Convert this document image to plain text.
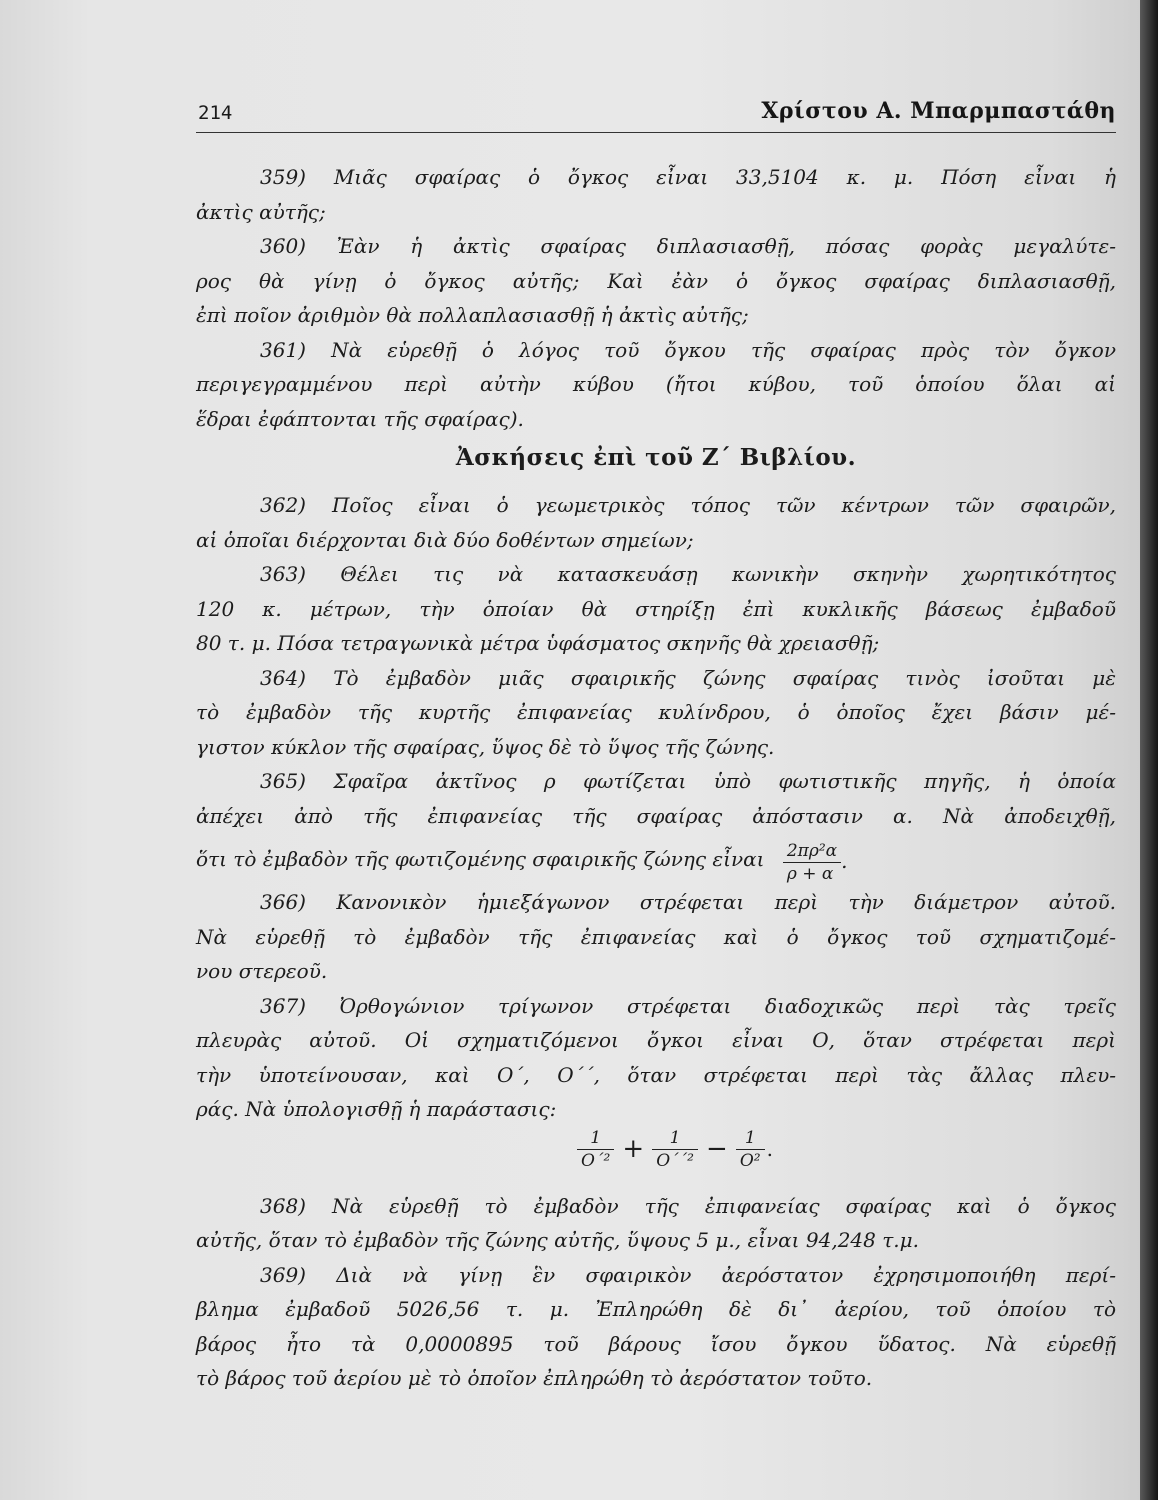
214	Χρίστου Α. Μπαρμπαστάθη
359) Μιᾶς σφαίρας ὁ ὄγκος εἶναι 33,5104 κ. μ. Πόση εἶναι ἡ
ἀκτὶς αὐτῆς;
360) Ἐὰν ἡ ἀκτὶς σφαίρας διπλασιασθῇ, πόσας φορὰς μεγαλύτε-
ρος θὰ γίνῃ ὁ ὄγκος αὐτῆς; Καὶ ἐὰν ὁ ὄγκος σφαίρας διπλασιασθῇ,
ἐπὶ ποῖον ἀριθμὸν θὰ πολλαπλασιασθῇ ἡ ἀκτὶς αὐτῆς;
361) Νὰ εὑρεθῇ ὁ λόγος τοῦ ὄγκου τῆς σφαίρας πρὸς τὸν ὄγκον
περιγεγραμμένου περὶ αὐτὴν κύβου (ἤτοι κύβου, τοῦ ὁποίου ὅλαι αἱ
ἕδραι ἐφάπτονται τῆς σφαίρας).
Ἀσκήσεις ἐπὶ τοῦ Ζ΄ Βιβλίου.
362) Ποῖος εἶναι ὁ γεωμετρικὸς τόπος τῶν κέντρων τῶν σφαιρῶν,
αἱ ὁποῖαι διέρχονται διὰ δύο δοθέντων σημείων;
363) Θέλει τις νὰ κατασκευάσῃ κωνικὴν σκηνὴν χωρητικότητος
120 κ. μέτρων, τὴν ὁποίαν θὰ στηρίξῃ ἐπὶ κυκλικῆς βάσεως ἐμβαδοῦ
80 τ. μ. Πόσα τετραγωνικὰ μέτρα ὑφάσματος σκηνῆς θὰ χρειασθῇ;
364) Τὸ ἐμβαδὸν μιᾶς σφαιρικῆς ζώνης σφαίρας τινὸς ἰσοῦται μὲ
τὸ ἐμβαδὸν τῆς κυρτῆς ἐπιφανείας κυλίνδρου, ὁ ὁποῖος ἔχει βάσιν μέ-
γιστον κύκλον τῆς σφαίρας, ὕψος δὲ τὸ ὕψος τῆς ζώνης.
365) Σφαῖρα ἀκτῖνος ρ φωτίζεται ὑπὸ φωτιστικῆς πηγῆς, ἡ ὁποία
ἀπέχει ἀπὸ τῆς ἐπιφανείας τῆς σφαίρας ἀπόστασιν α. Νὰ ἀποδειχθῇ,
ὅτι τὸ ἐμβαδὸν τῆς φωτιζομένης σφαιρικῆς ζώνης εἶναι $\frac{\text{2πρ²α}}{\rho + \alpha}$ .
366) Κανονικὸν ἡμιεξάγωνον στρέφεται περὶ τὴν διάμετρον αὐτοῦ.
Νὰ εὑρεθῇ τὸ ἐμβαδὸν τῆς ἐπιφανείας καὶ ὁ ὄγκος τοῦ σχηματιζομέ-
νου στερεοῦ.
367) Ὀρθογώνιον τρίγωνον στρέφεται διαδοχικῶς περὶ τὰς τρεῖς
πλευρὰς αὐτοῦ. Οἱ σχηματιζόμενοι ὄγκοι εἶναι Ο, ὅταν στρέφεται περὶ
τὴν ὑποτείνουσαν, καὶ Ο΄, Ο΄΄, ὅταν στρέφεται περὶ τὰς ἄλλας πλευ-
ράς. Νὰ ὑπολογισθῇ ἡ παράστασις:
$\frac{1}{\text{Ο΄²}} + \frac{1}{\text{Ο΄΄²}} - \frac{1}{\text{Ο²}}$ .
368) Νὰ εὑρεθῇ τὸ ἐμβαδὸν τῆς ἐπιφανείας σφαίρας καὶ ὁ ὄγκος
αὐτῆς, ὅταν τὸ ἐμβαδὸν τῆς ζώνης αὐτῆς, ὕψους 5 μ., εἶναι 94,248 τ.μ.
369) Διὰ νὰ γίνῃ ἓν σφαιρικὸν ἀερόστατον ἐχρησιμοποιήθη περί-
βλημα ἐμβαδοῦ 5026,56 τ. μ. Ἐπληρώθη δὲ δι᾿ ἀερίου, τοῦ ὁποίου τὸ
βάρος ἦτο τὰ 0,0000895 τοῦ βάρους ἴσου ὄγκου ὕδατος. Νὰ εὑρεθῇ
τὸ βάρος τοῦ ἀερίου μὲ τὸ ὁποῖον ἐπληρώθη τὸ ἀερόστατον τοῦτο.
